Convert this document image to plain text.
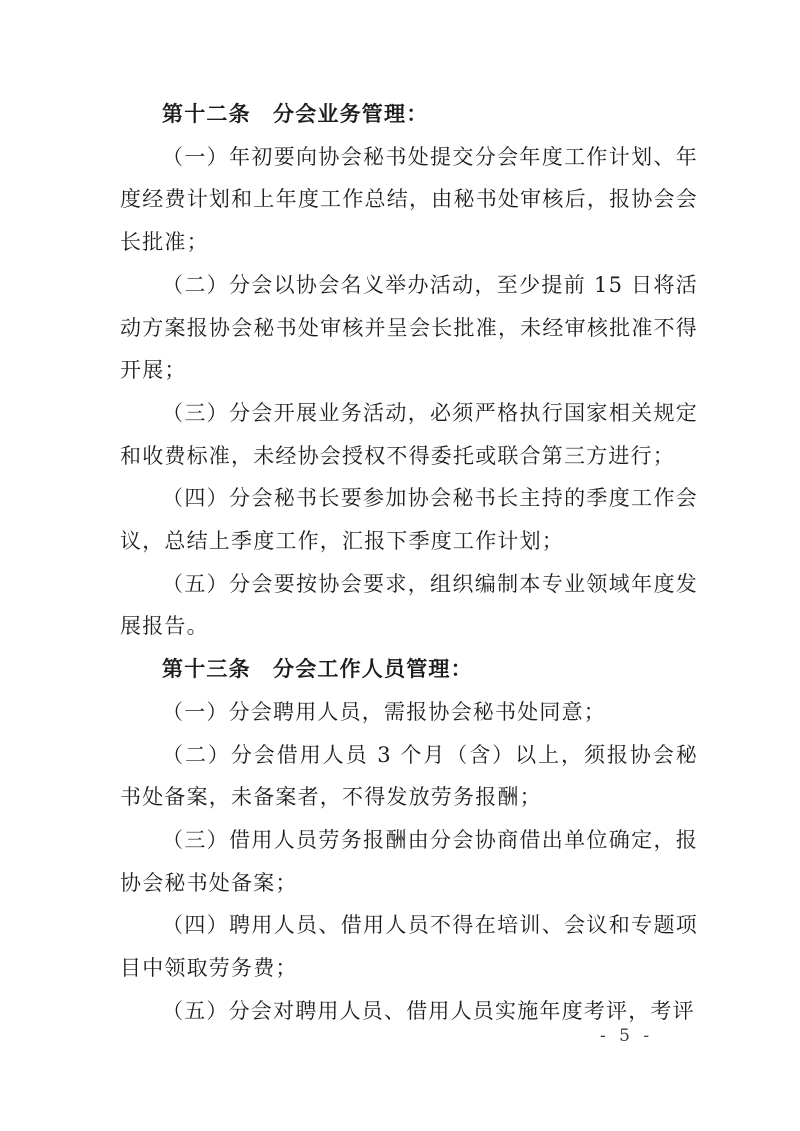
第十二条　分会业务管理：

（一）年初要向协会秘书处提交分会年度工作计划、年度经费计划和上年度工作总结，由秘书处审核后，报协会会长批准；

（二）分会以协会名义举办活动，至少提前 15 日将活动方案报协会秘书处审核并呈会长批准，未经审核批准不得开展；

（三）分会开展业务活动，必须严格执行国家相关规定和收费标准，未经协会授权不得委托或联合第三方进行；

（四）分会秘书长要参加协会秘书长主持的季度工作会议，总结上季度工作，汇报下季度工作计划；

（五）分会要按协会要求，组织编制本专业领域年度发展报告。

第十三条　分会工作人员管理：

（一）分会聘用人员，需报协会秘书处同意；

（二）分会借用人员 3 个月（含）以上，须报协会秘书处备案，未备案者，不得发放劳务报酬；

（三）借用人员劳务报酬由分会协商借出单位确定，报协会秘书处备案；

（四）聘用人员、借用人员不得在培训、会议和专题项目中领取劳务费；

（五）分会对聘用人员、借用人员实施年度考评，考评

- 5 -
